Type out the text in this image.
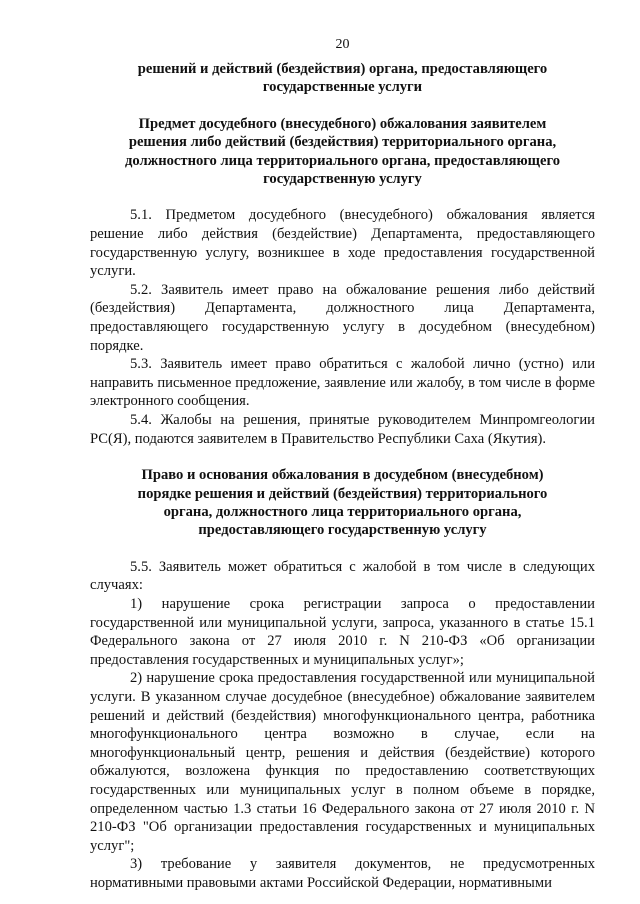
20
решений и действий (бездействия) органа, предоставляющего
государственные услуги
Предмет досудебного (внесудебного) обжалования заявителем
решения либо действий (бездействия) территориального органа,
должностного лица территориального органа, предоставляющего
государственную услугу

5.1. Предметом досудебного (внесудебного) обжалования является решение либо действия (бездействие) Департамента, предоставляющего государственную услугу, возникшее в ходе предоставления государственной услуги.

5.2. Заявитель имеет право на обжалование решения либо действий (бездействия) Департамента, должностного лица Департамента, предоставляющего государственную услугу в досудебном (внесудебном) порядке.

5.3. Заявитель имеет право обратиться с жалобой лично (устно) или направить письменное предложение, заявление или жалобу, в том числе в форме электронного сообщения.

5.4. Жалобы на решения, принятые руководителем Минпромгеологии РС(Я), подаются заявителем в Правительство Республики Саха (Якутия).

Право и основания обжалования в досудебном (внесудебном)
порядке решения и действий (бездействия) территориального
органа, должностного лица территориального органа,
предоставляющего государственную услугу

5.5. Заявитель может обратиться с жалобой в том числе в следующих случаях:

1) нарушение срока регистрации запроса о предоставлении государственной или муниципальной услуги, запроса, указанного в статье 15.1 Федерального закона от 27 июля 2010 г. N 210-ФЗ «Об организации предоставления государственных и муниципальных услуг»;

2) нарушение срока предоставления государственной или муниципальной услуги. В указанном случае досудебное (внесудебное) обжалование заявителем решений и действий (бездействия) многофункционального центра, работника многофункционального центра возможно в случае, если на многофункциональный центр, решения и действия (бездействие) которого обжалуются, возложена функция по предоставлению соответствующих государственных или муниципальных услуг в полном объеме в порядке, определенном частью 1.3 статьи 16 Федерального закона от 27 июля 2010 г. N 210-ФЗ "Об организации предоставления государственных и муниципальных услуг";

3) требование у заявителя документов, не предусмотренных нормативными правовыми актами Российской Федерации, нормативными
